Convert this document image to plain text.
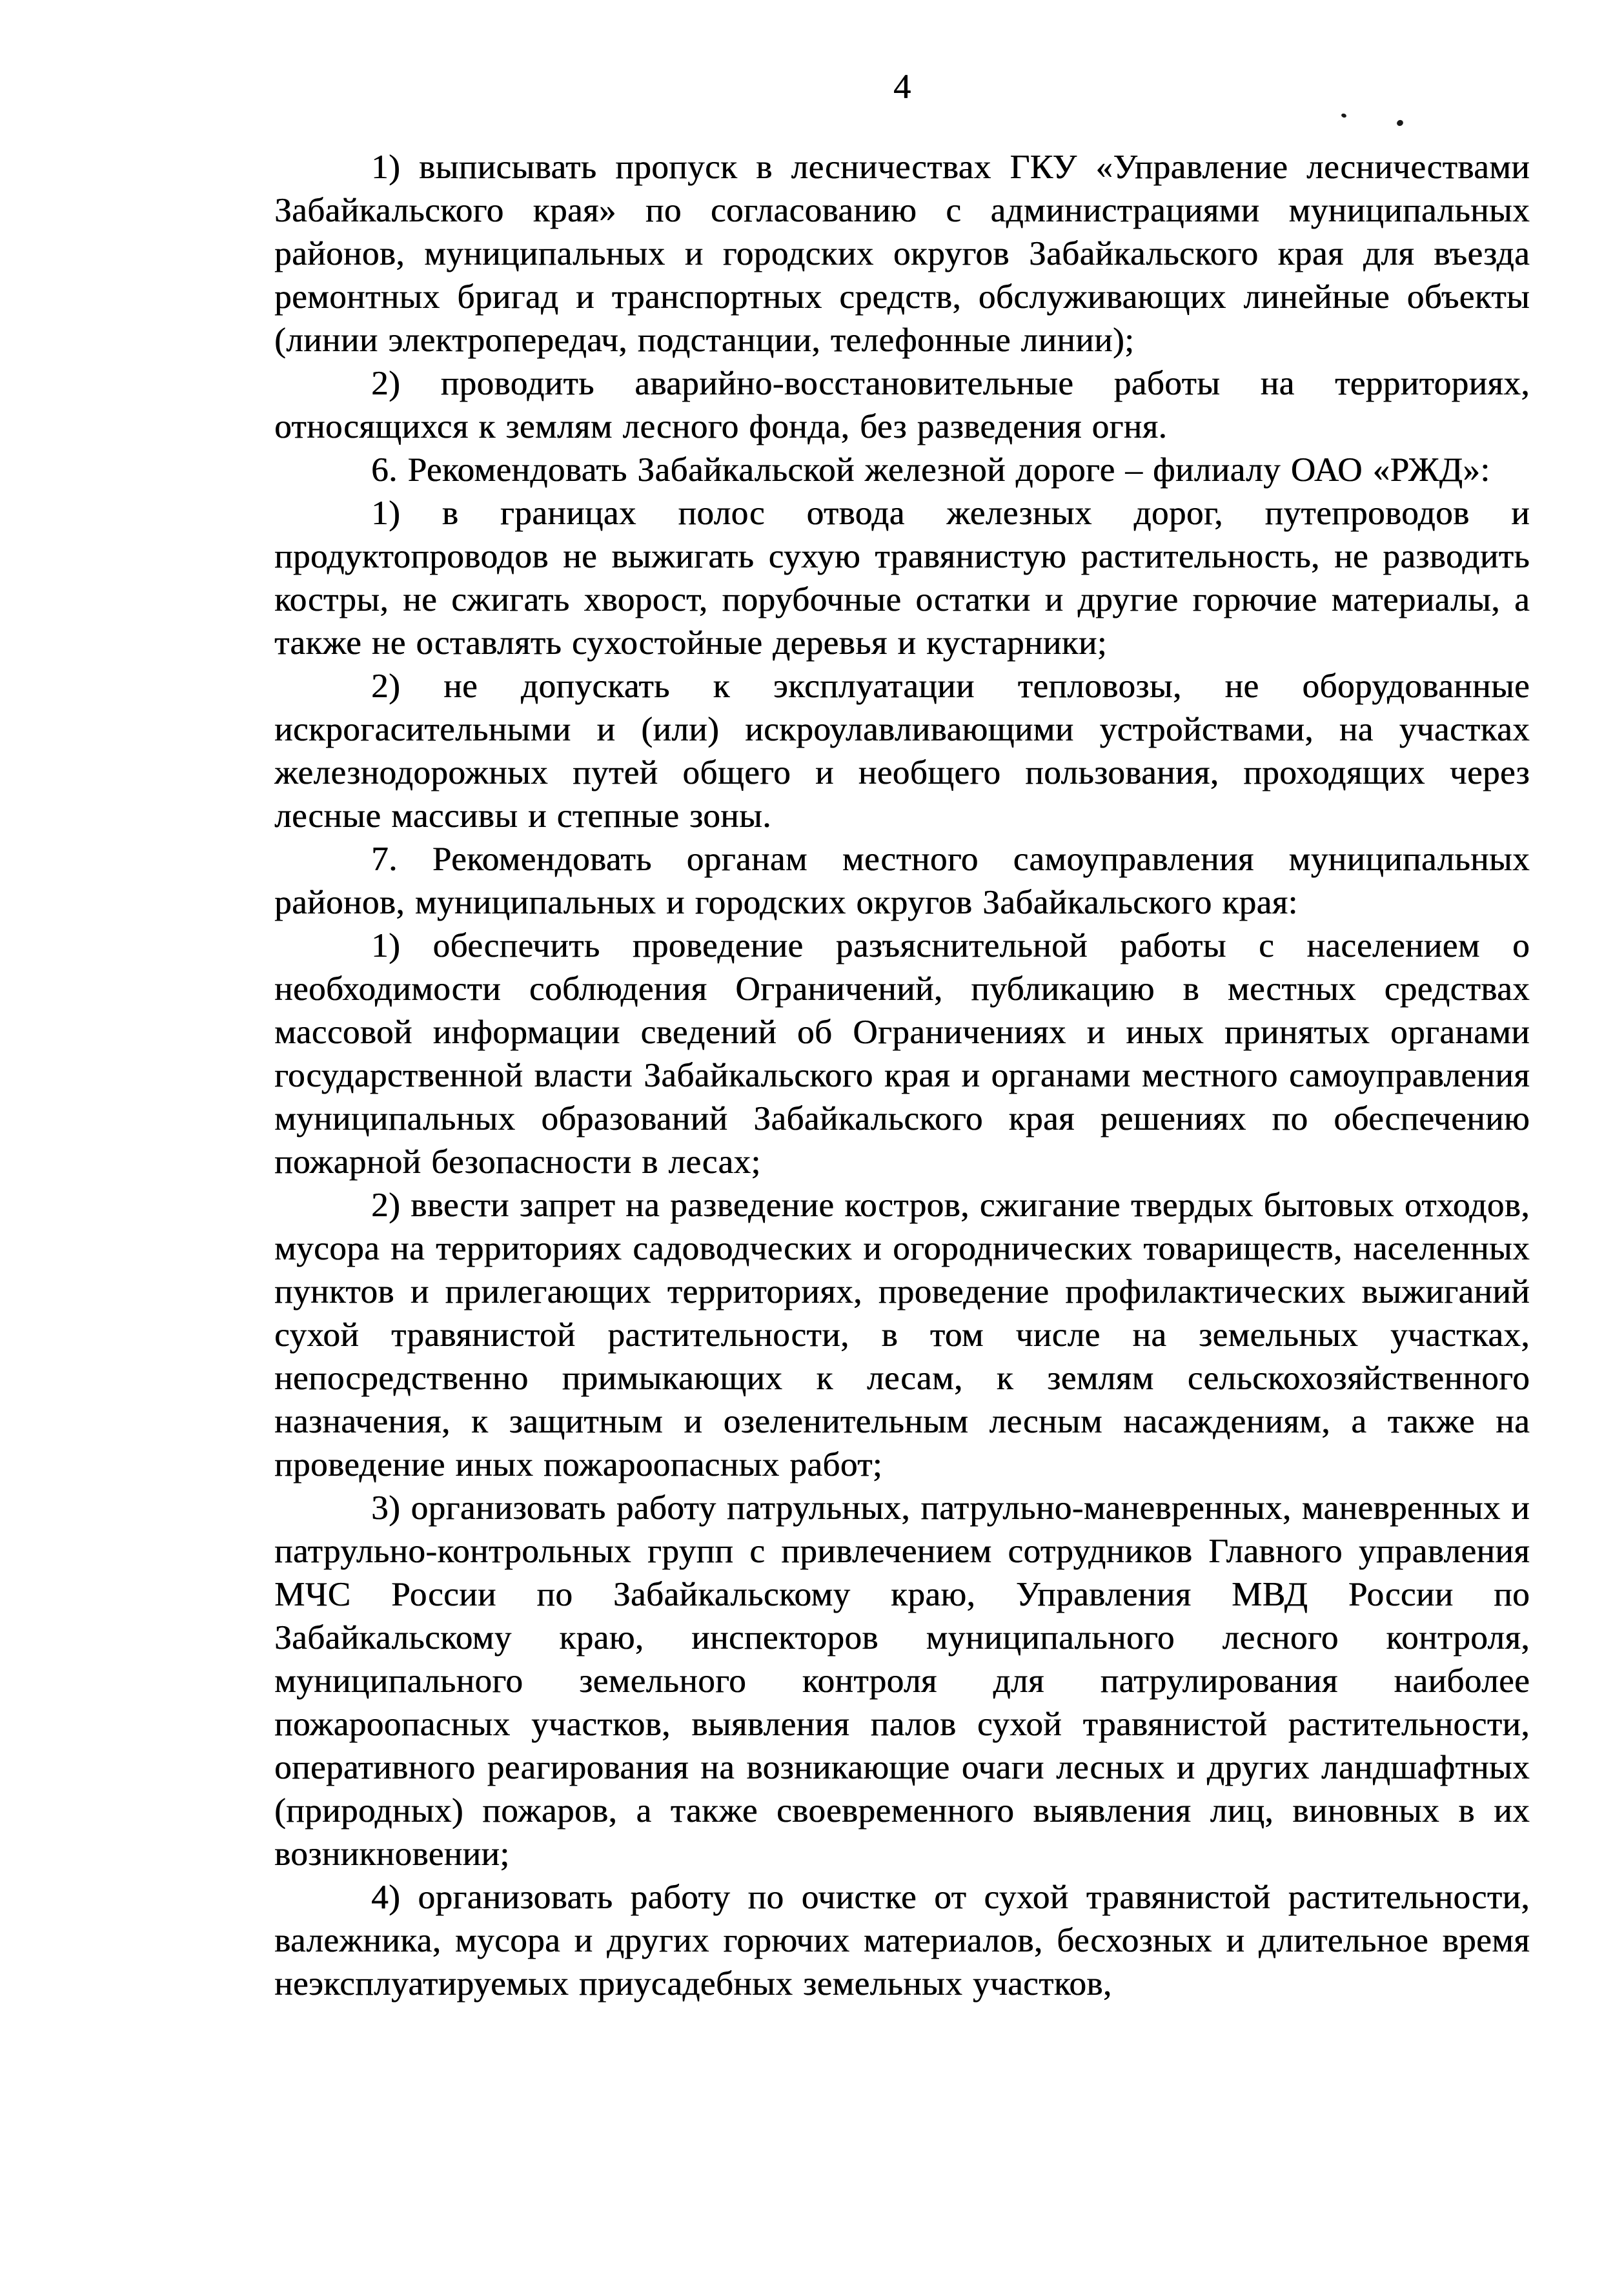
4

1) выписывать пропуск в лесничествах ГКУ «Управление лесничествами Забайкальского края» по согласованию с администрациями муниципальных районов, муниципальных и городских округов Забайкальского края для въезда ремонтных бригад и транспортных средств, обслуживающих линейные объекты (линии электропередач, подстанции, телефонные линии);

2) проводить аварийно-восстановительные работы на территориях, относящихся к землям лесного фонда, без разведения огня.

6. Рекомендовать Забайкальской железной дороге – филиалу ОАО «РЖД»:

1) в границах полос отвода железных дорог, путепроводов и продуктопроводов не выжигать сухую травянистую растительность, не разводить костры, не сжигать хворост, порубочные остатки и другие горючие материалы, а также не оставлять сухостойные деревья и кустарники;

2) не допускать к эксплуатации тепловозы, не оборудованные искрогасительными и (или) искроулавливающими устройствами, на участках железнодорожных путей общего и необщего пользования, проходящих через лесные массивы и степные зоны.

7. Рекомендовать органам местного самоуправления муниципальных районов, муниципальных и городских округов Забайкальского края:

1) обеспечить проведение разъяснительной работы с населением о необходимости соблюдения Ограничений, публикацию в местных средствах массовой информации сведений об Ограничениях и иных принятых органами государственной власти Забайкальского края и органами местного самоуправления муниципальных образований Забайкальского края решениях по обеспечению пожарной безопасности в лесах;

2) ввести запрет на разведение костров, сжигание твердых бытовых отходов, мусора на территориях садоводческих и огороднических товариществ, населенных пунктов и прилегающих территориях, проведение профилактических выжиганий сухой травянистой растительности, в том числе на земельных участках, непосредственно примыкающих к лесам, к землям сельскохозяйственного назначения, к защитным и озеленительным лесным насаждениям, а также на проведение иных пожароопасных работ;

3) организовать работу патрульных, патрульно-маневренных, маневренных и патрульно-контрольных групп с привлечением сотрудников Главного управления МЧС России по Забайкальскому краю, Управления МВД России по Забайкальскому краю, инспекторов муниципального лесного контроля, муниципального земельного контроля для патрулирования наиболее пожароопасных участков, выявления палов сухой травянистой растительности, оперативного реагирования на возникающие очаги лесных и других ландшафтных (природных) пожаров, а также своевременного выявления лиц, виновных в их возникновении;

4) организовать работу по очистке от сухой травянистой растительности, валежника, мусора и других горючих материалов, бесхозных и длительное время неэксплуатируемых приусадебных земельных участков,
